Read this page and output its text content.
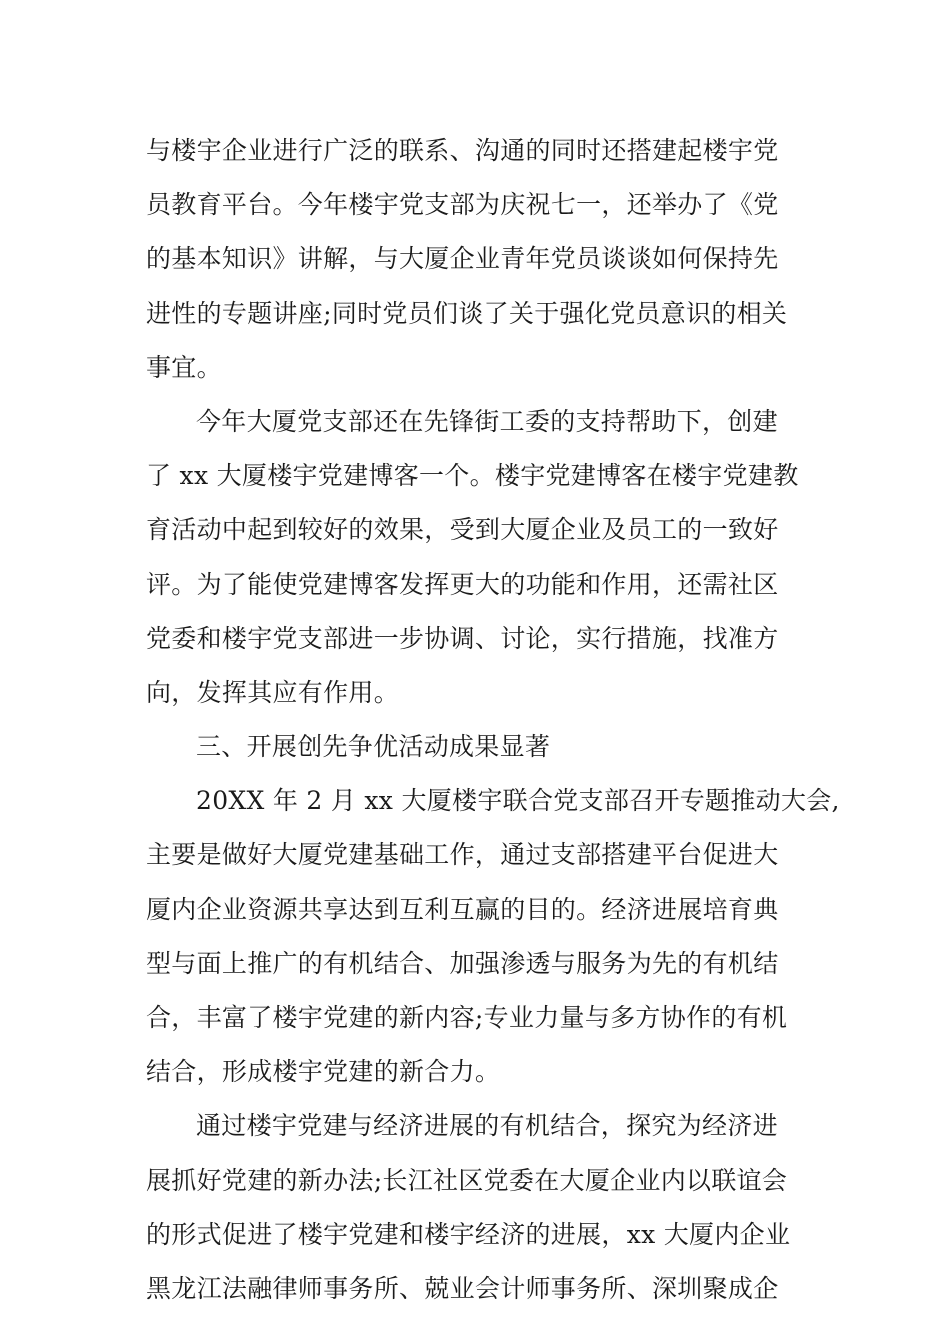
与楼宇企业进行广泛的联系、沟通的同时还搭建起楼宇党
员教育平台。今年楼宇党支部为庆祝七一，还举办了《党
的基本知识》讲解，与大厦企业青年党员谈谈如何保持先
进性的专题讲座;同时党员们谈了关于强化党员意识的相关
事宜。
今年大厦党支部还在先锋街工委的支持帮助下，创建
了 xx 大厦楼宇党建博客一个。楼宇党建博客在楼宇党建教
育活动中起到较好的效果，受到大厦企业及员工的一致好
评。为了能使党建博客发挥更大的功能和作用，还需社区
党委和楼宇党支部进一步协调、讨论，实行措施，找准方
向，发挥其应有作用。
三、开展创先争优活动成果显著
20XX 年 2 月 xx 大厦楼宇联合党支部召开专题推动大会,
主要是做好大厦党建基础工作，通过支部搭建平台促进大
厦内企业资源共享达到互利互赢的目的。经济进展培育典
型与面上推广的有机结合、加强渗透与服务为先的有机结
合，丰富了楼宇党建的新内容;专业力量与多方协作的有机
结合，形成楼宇党建的新合力。
通过楼宇党建与经济进展的有机结合，探究为经济进
展抓好党建的新办法;长江社区党委在大厦企业内以联谊会
的形式促进了楼宇党建和楼宇经济的进展，xx 大厦内企业
黑龙江法融律师事务所、兢业会计师事务所、深圳聚成企
